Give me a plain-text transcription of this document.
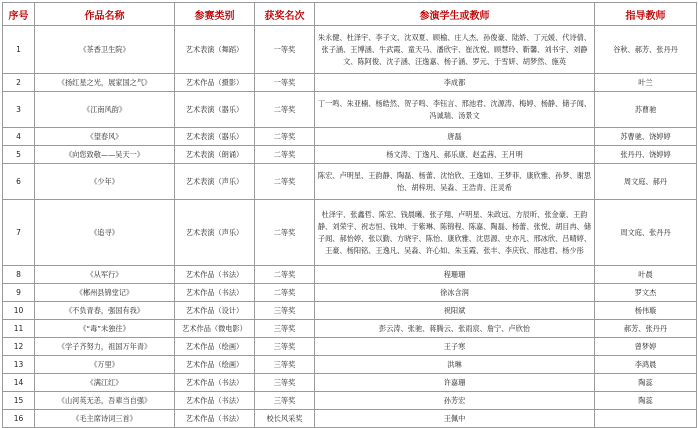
序号	作品名称	参赛类别	获奖名次	参演学生或教师	指导教师
1	《茶香卫生院》	艺术表演（舞蹈）	一等奖	朱永健、杜泽宇、李子文、沈双夏、顾榆、庄人杰、孙俊豪、陆娇、丁元媛、代诗倩、张子涵、王博涵、牛武霞、童天马、潘欣宇、崔沈悦、顾慧玲、靳馨、刘书宇、刘静文、陈阿俊、沈子涵、汪逸嘉、杨子涵、罗元、于雪妍、胡梦然、施英	谷秋、郝芳、张丹丹
2	《扬红星之光，展家国之气》	艺术作品（摄影）	一等奖	李成都	叶兰
3	《江南风韵》	艺术表演（器乐）	二等奖	丁一鸣、朱亚楠、杨皓然、贺子鸣、李钰言、邢池君、沈源涛、梅婷、杨静、储子闻、冯诚瑞、汤景文	苏曹驰
4	《望春风》	艺术表演（器乐）	二等奖	唐磊	苏曹驰、饶婷婷
5	《向您致敬——吴天一》	艺术表演（朗诵）	二等奖	杨文涛、丁逸凡、郝乐康、赵孟茜、王月明	张丹丹、饶婷婷
6	《少年》	艺术表演（声乐）	二等奖	陈宏、卢明星、王韵静、陶磊、杨蕾、沈怡欣、王逸如、王梦菲、康欣雅、孙梦、谢思怡、胡梓玥、吴淼、王浩青、汪灵希	周文庭、郝丹
7	《追寻》	艺术表演（声乐）	二等奖	杜泽宇、张鑫哲、陈宏、钱晨曦、张子翔、卢明星、朱政远、方辰昕、张金豪、王韵静、刘荣宇、祝志恒、钱坤、于紫琳、陈锦程、陈嘉、陶磊、杨蕾、张悦、胡目冉、储子闻、郝怡婷、张以勤、方晓宇、陈怡、康欣雅、沈思源、史亦凡、邢冰欣、吕晴婷、王豪、杨阳铭、王逸凡、吴淼、许心如、朱玉霞、张丰、李庆钦、邢池君、杨少彤	周文庭、张丹丹
8	《从军行》	艺术作品（书法）	二等奖	程珊珊	叶晨
9	《郴州县锦堂记》	艺术作品（书法）	二等奖	徐冰含润	罗文杰
10	《不负青春，强国有我》	艺术作品（设计）	三等奖	祝阳斌	杨伟璇
11	《“毒”未独往》	艺术作品（微电影）	三等奖	彭云涛、张驰、蒋腾云、张雨宸、詹宁、卢欣怡	郝芳、张丹丹
12	《学子齐努力，祖国万年青》	艺术作品（绘画）	三等奖	王子寒	曾梦婷
13	《万里》	艺术作品（绘画）	三等奖	洪琳	李鸿晨
14	《满江红》	艺术作品（书法）	三等奖	许嘉珊	陶蕊
15	《山河英无恙，吾辈当自强》	艺术作品（书法）	三等奖	孙芳宏	陶蕊
16	《毛主席诗词三首》	艺术作品（书法）	校长风采奖	王佩中	
